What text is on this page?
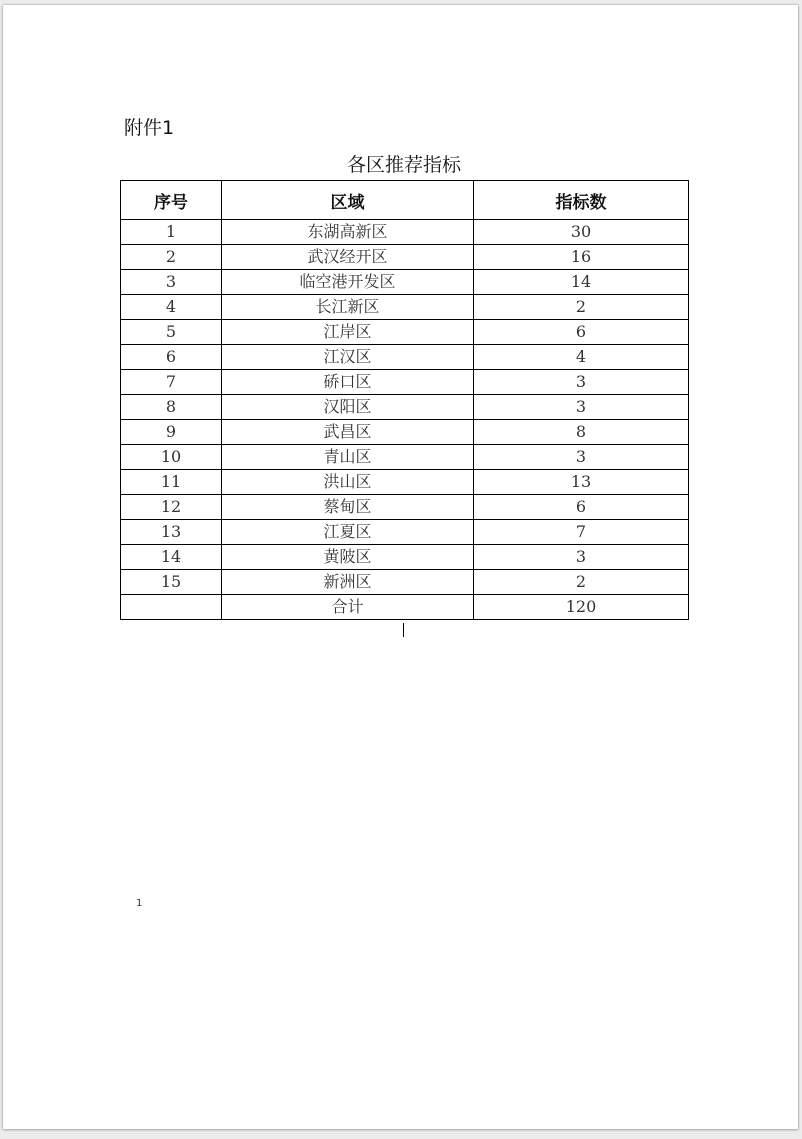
附件1
各区推荐指标
序号	区域	指标数
1	东湖高新区	30
2	武汉经开区	16
3	临空港开发区	14
4	长江新区	2
5	江岸区	6
6	江汉区	4
7	硚口区	3
8	汉阳区	3
9	武昌区	8
10	青山区	3
11	洪山区	13
12	蔡甸区	6
13	江夏区	7
14	黄陂区	3
15	新洲区	2
	合计	120
1
